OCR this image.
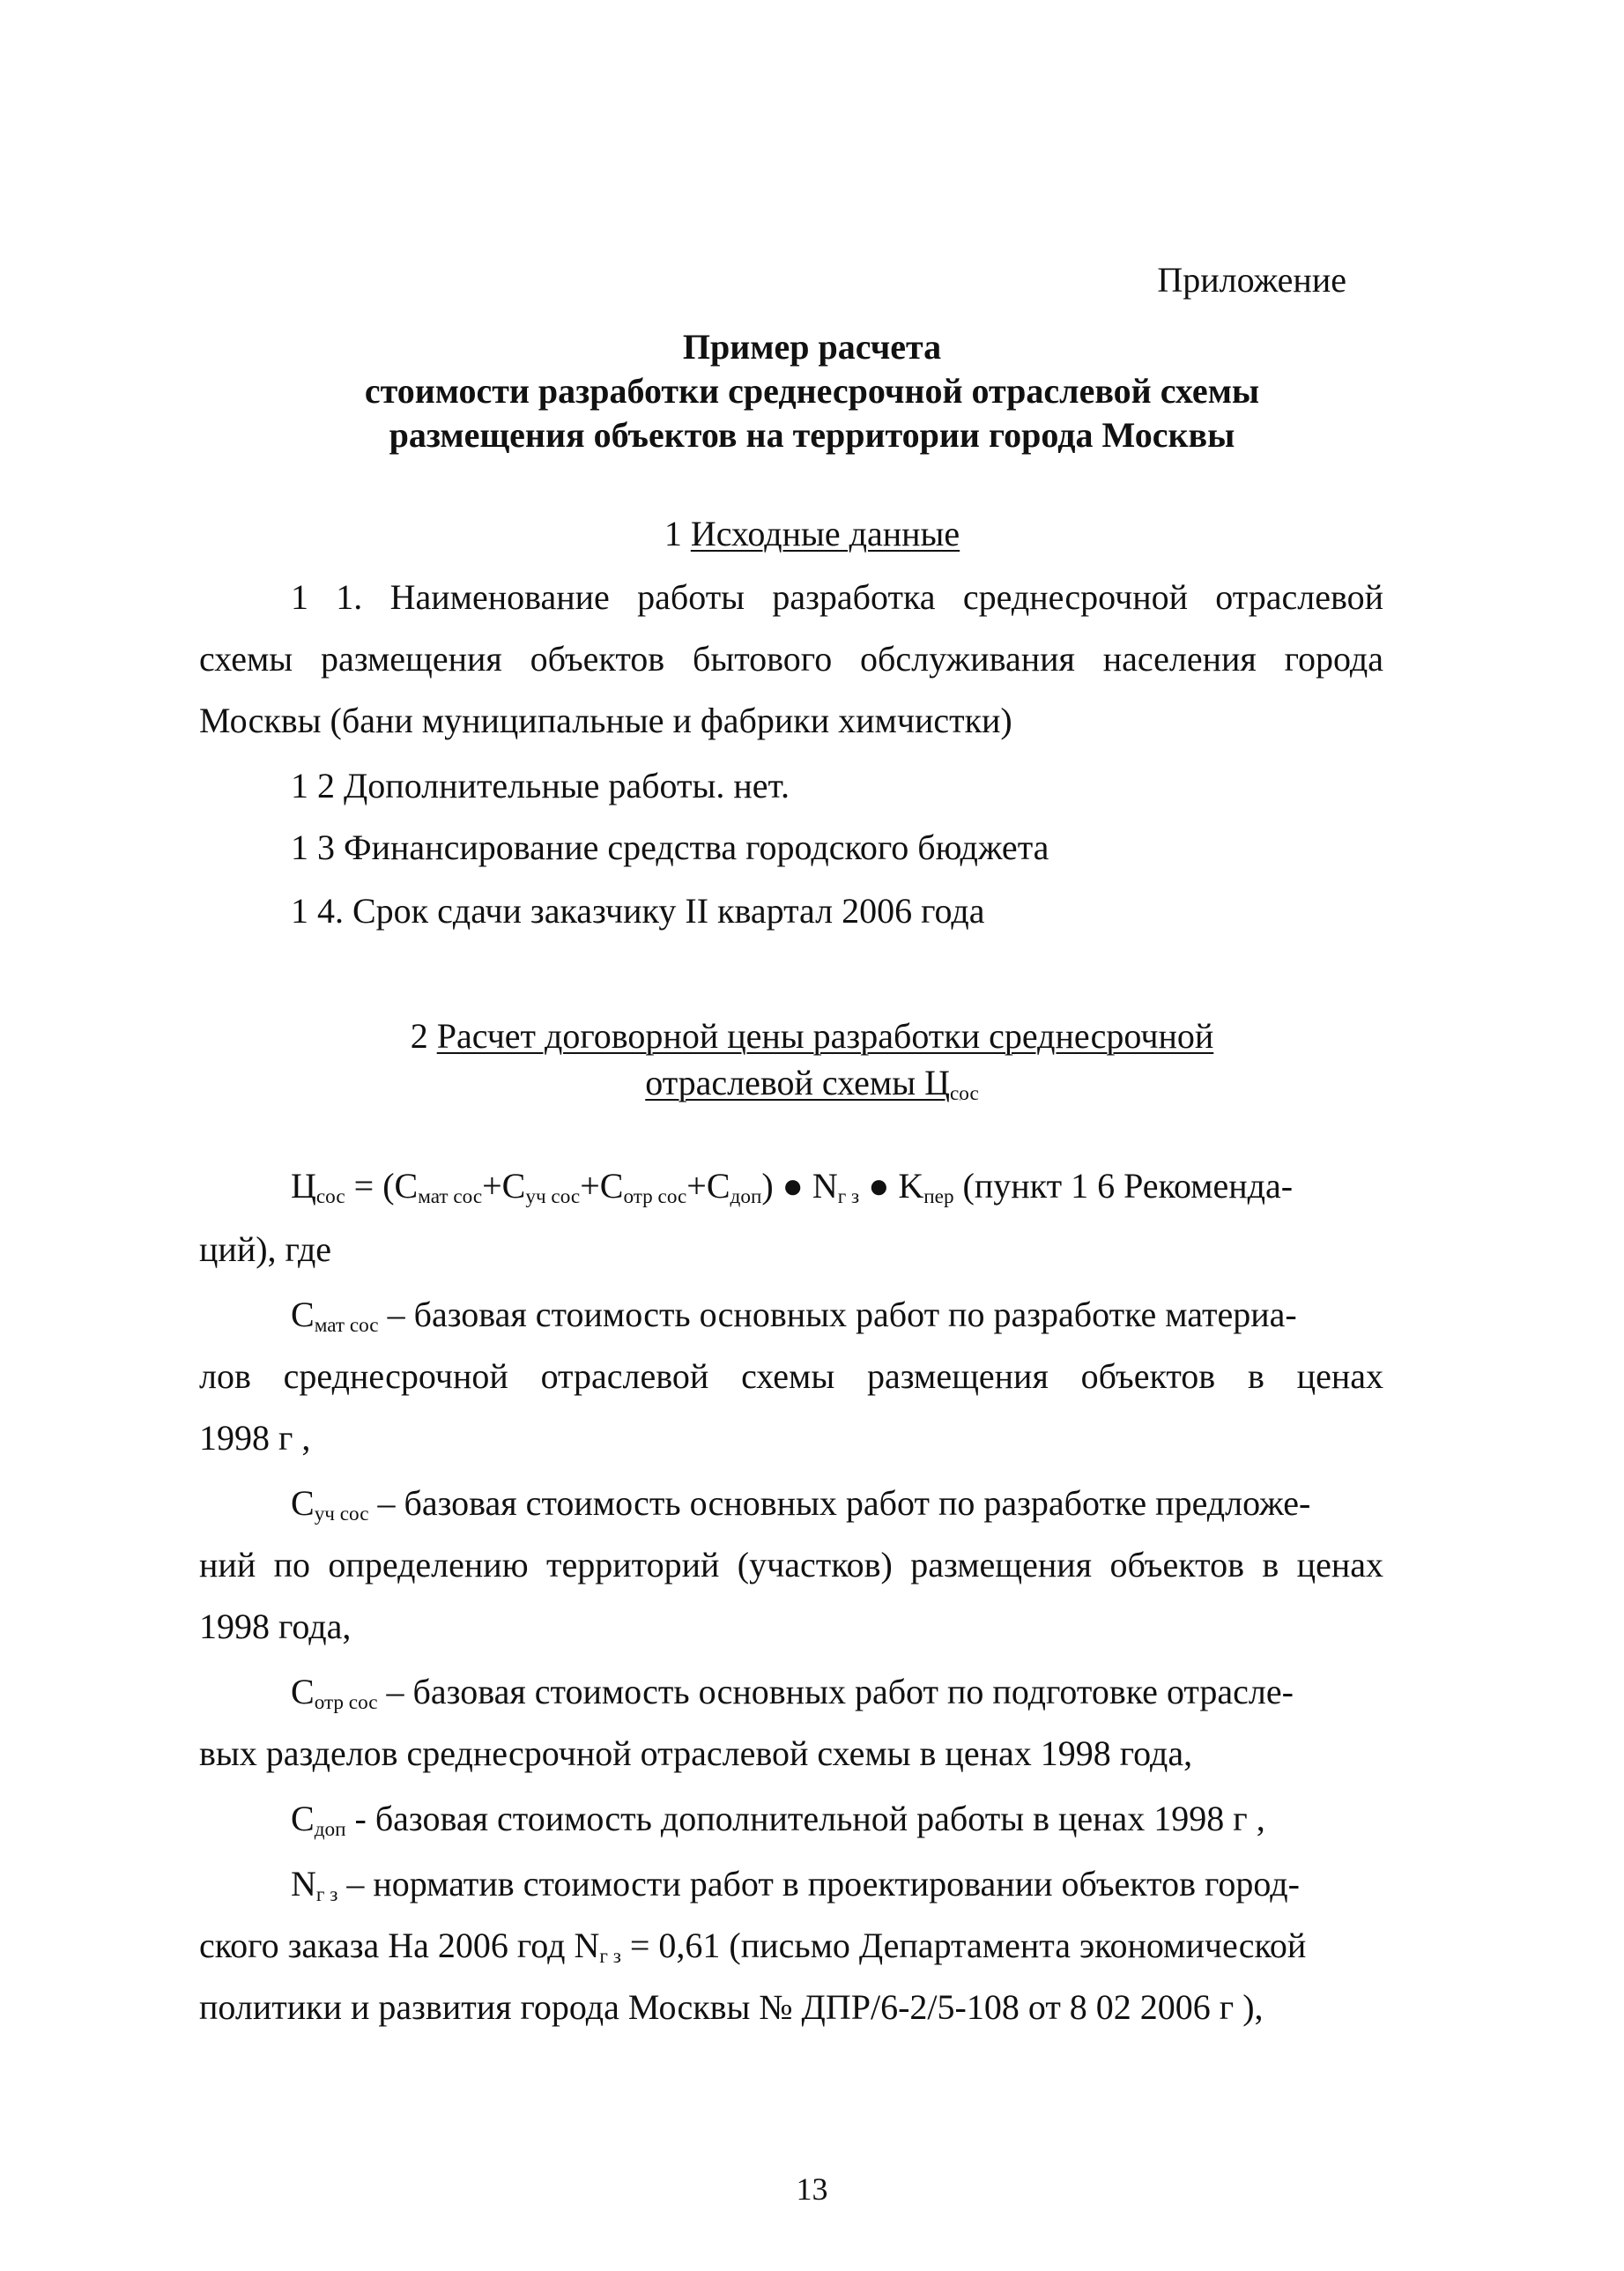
Приложение
Пример расчета
стоимости разработки среднесрочной отраслевой схемы
размещения объектов на территории города Москвы
1 Исходные данные
1 1. Наименование работы разработка среднесрочной отраслевой
схемы размещения объектов бытового обслуживания населения города
Москвы (бани муниципальные и фабрики химчистки)
1 2 Дополнительные работы. нет.
1 3 Финансирование средства городского бюджета
1 4. Срок сдачи заказчику II квартал 2006 года
2 Расчет договорной цены разработки среднесрочной
отраслевой схемы $Ц_{сос}$
$Ц_{сос} = (С_{мат сос}+С_{уч сос}+С_{отр сос}+С_{доп})$ ● $N_{г з}$ ● $K_{пер}$ (пункт 1 6 Рекоменда-
ций), где
$С_{мат сос}$ – базовая стоимость основных работ по разработке материа-
лов среднесрочной отраслевой схемы размещения объектов в ценах
1998 г ,
$С_{уч сос}$ – базовая стоимость основных работ по разработке предложе-
ний по определению территорий (участков) размещения объектов в ценах
1998 года,
$С_{отр сос}$ – базовая стоимость основных работ по подготовке отрасле-
вых разделов среднесрочной отраслевой схемы в ценах 1998 года,
$С_{доп}$ - базовая стоимость дополнительной работы в ценах 1998 г ,
$N_{г з}$ – норматив стоимости работ в проектировании объектов город-
ского заказа На 2006 год $N_{г з} = 0,61$ (письмо Департамента экономической
политики и развития города Москвы № ДПР/6-2/5-108 от 8 02 2006 г ),
13
